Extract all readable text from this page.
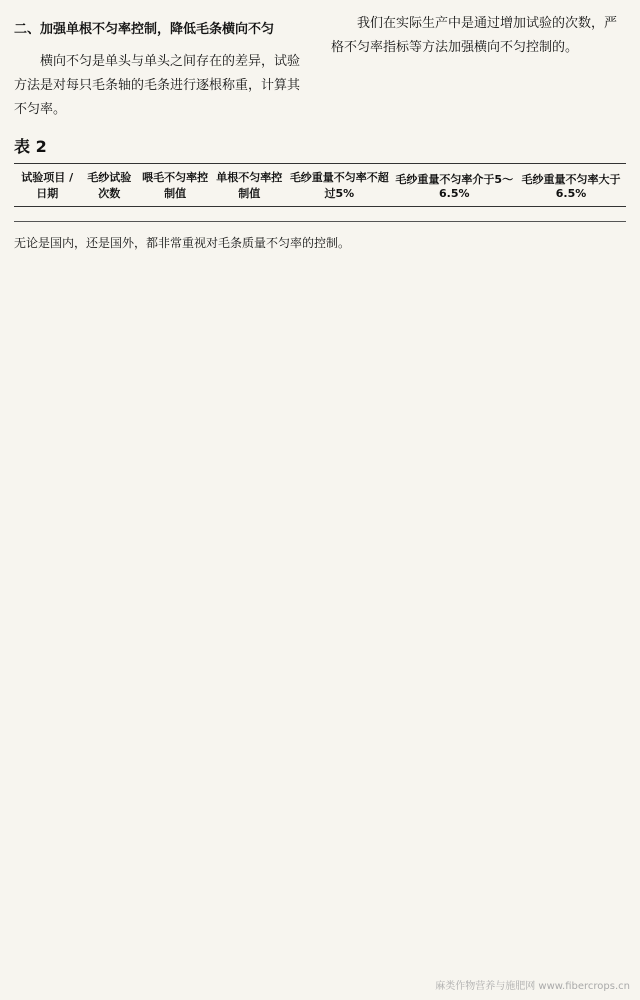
二、加强单根不匀率控制，降低毛条横向不匀

横向不匀是单头与单头之间存在的差异，试验方法是对每只毛条轴的毛条进行逐根称重，计算其不匀率。

我们在实际生产中是通过增加试验的次数，严格不匀率指标等方法加强横向不匀控制的。

表 2
试验项目 / 日期	毛纱试验次数	喂毛不匀率控制值	单根不匀率控制值	毛纱重量不匀率不超过5%	毛纱重量不匀率介于5～6.5%	毛纱重量不匀率大于6.5%
无论是国内，还是国外，都非常重视对毛条质量不匀率的控制。
麻类作物营养与施肥网 www.fibercrops.cn
